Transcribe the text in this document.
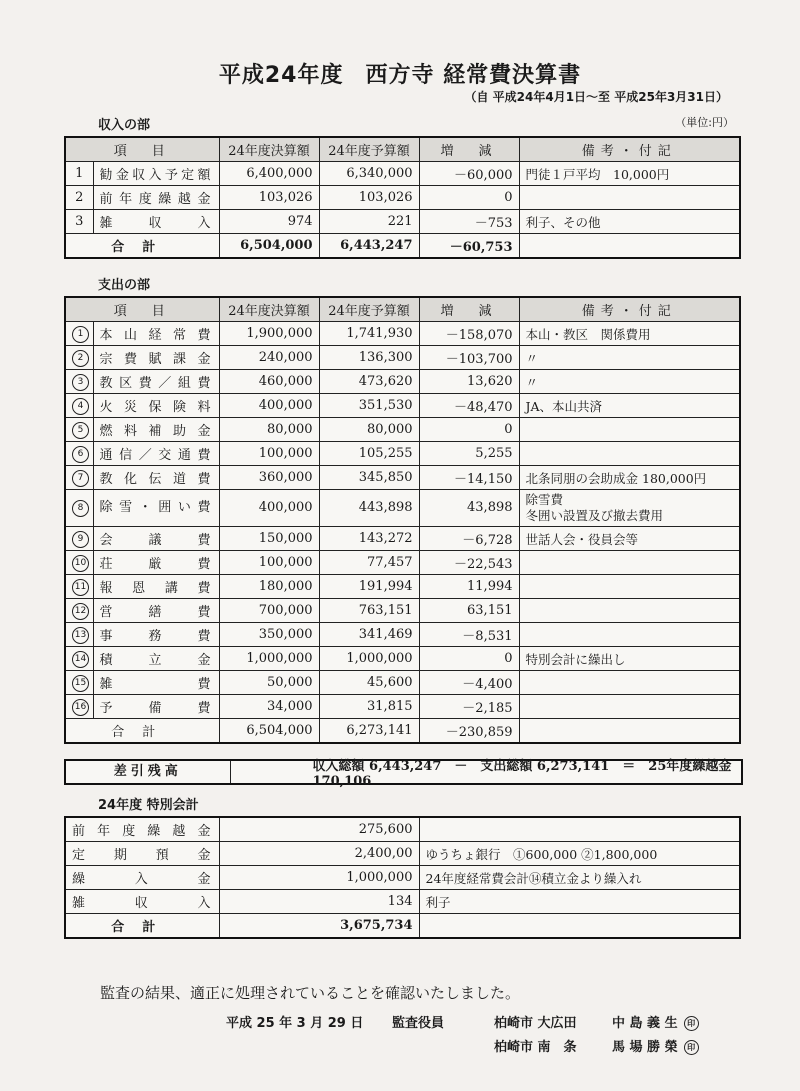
平成24年度 西方寺 経常費決算書
（自 平成24年4月1日～至 平成25年3月31日）
収入の部	（単位:円）
項　目		24年度決算額	24年度予算額	増　減	備考・付記
1	勧金収入予定額	6,400,000	6,340,000	－60,000	門徒１戸平均　10,000円
2	前年度繰越金	103,026	103,026	0	
3	雑収入	974	221	－753	利子、その他
合計		6,504,000	6,443,247	－60,753	
支出の部
項　目		24年度決算額	24年度予算額	増　減	備考・付記
1	本山経常費	1,900,000	1,741,930	－158,070	本山・教区　関係費用

2	宗費賦課金	240,000	136,300	－103,700	〃

3	教区費／組費	460,000	473,620	13,620	〃

4	火災保険料	400,000	351,530	－48,470	JA、本山共済

5	燃料補助金	80,000	80,000	0	

6	通信／交通費	100,000	105,255	5,255	

7	教化伝道費	360,000	345,850	－14,150	北条同朋の会助成金 180,000円

8	除雪・囲い費	400,000	443,898	43,898	除雪費
冬囲い設置及び撤去費用

9	会議費	150,000	143,272	－6,728	世話人会・役員会等

10	荘厳費	100,000	77,457	－22,543	

11	報恩講費	180,000	191,994	11,994	

12	営繕費	700,000	763,151	63,151	

13	事務費	350,000	341,469	－8,531	

14	積立金	1,000,000	1,000,000	0	特別会計に繰出し

15	雑費	50,000	45,600	－4,400	

16	予備費	34,000	31,815	－2,185	

合計		6,504,000	6,273,141	－230,859	
差引残高	収入総額 6,443,247　－　支出総額 6,273,141　＝　25年度繰越金 170,106
24年度 特別会計
前年度繰越金	275,600	
定期預金	2,400,00	ゆうちょ銀行　①600,000 ②1,800,000
繰入金	1,000,000	24年度経常費会計⑭積立金より繰入れ
雑収入	134	利子
合計	3,675,734	
監査の結果、適正に処理されていることを確認いたしました。
平成 25 年 3 月 29 日 監査役員	柏崎市 大広田	中 島 義 生 印
柏崎市 南　条	馬 場 勝 榮 印
